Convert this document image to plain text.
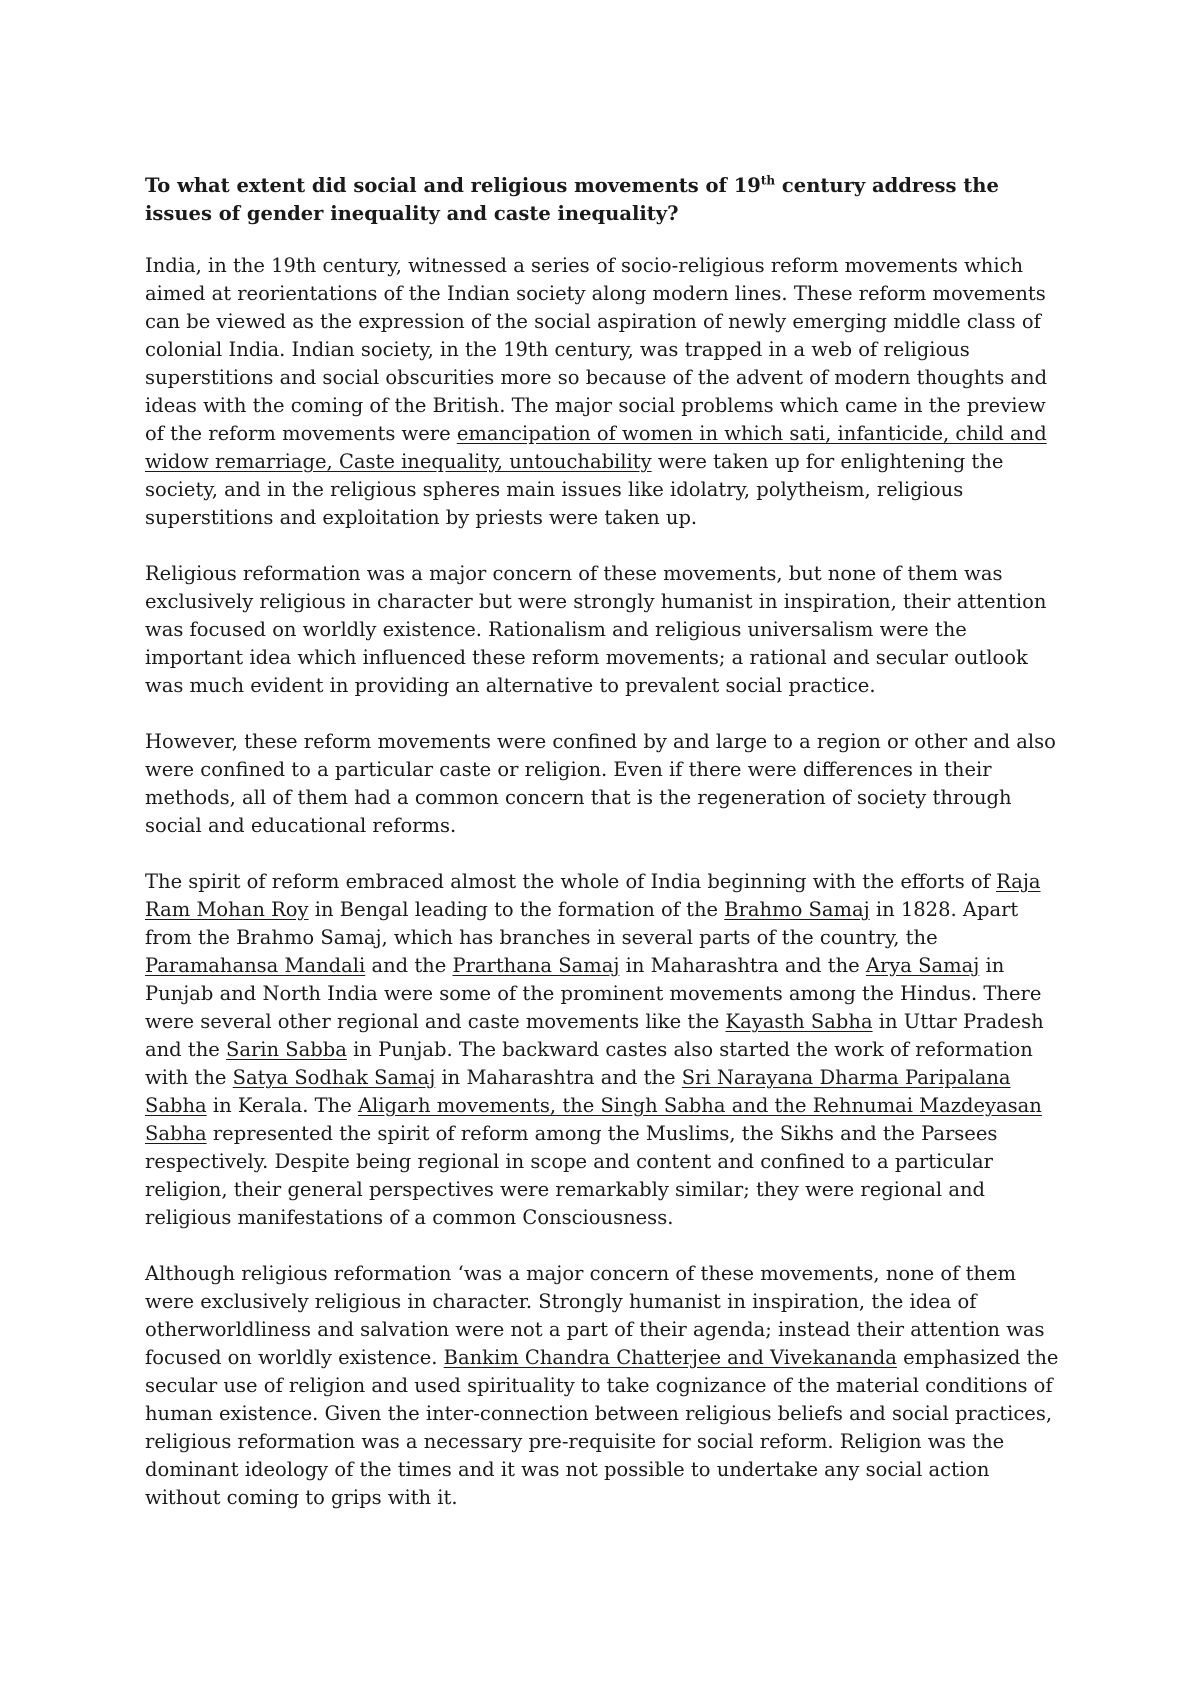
To what extent did social and religious movements of 19th century address the issues of gender inequality and caste inequality?

India, in the 19th century, witnessed a series of socio-religious reform movements which aimed at reorientations of the Indian society along modern lines. These reform movements can be viewed as the expression of the social aspiration of newly emerging middle class of colonial India. Indian society, in the 19th century, was trapped in a web of religious superstitions and social obscurities more so because of the advent of modern thoughts and ideas with the coming of the British. The major social problems which came in the preview of the reform movements were emancipation of women in which sati, infanticide, child and widow remarriage, Caste inequality, untouchability were taken up for enlightening the society, and in the religious spheres main issues like idolatry, polytheism, religious superstitions and exploitation by priests were taken up.

Religious reformation was a major concern of these movements, but none of them was exclusively religious in character but were strongly humanist in inspiration, their attention was focused on worldly existence. Rationalism and religious universalism were the important idea which influenced these reform movements; a rational and secular outlook was much evident in providing an alternative to prevalent social practice.

However, these reform movements were confined by and large to a region or other and also were confined to a particular caste or religion. Even if there were differences in their methods, all of them had a common concern that is the regeneration of society through social and educational reforms.

The spirit of reform embraced almost the whole of India beginning with the efforts of Raja Ram Mohan Roy in Bengal leading to the formation of the Brahmo Samaj in 1828. Apart from the Brahmo Samaj, which has branches in several parts of the country, the Paramahansa Mandali and the Prarthana Samaj in Maharashtra and the Arya Samaj in Punjab and North India were some of the prominent movements among the Hindus. There were several other regional and caste movements like the Kayasth Sabha in Uttar Pradesh and the Sarin Sabba in Punjab. The backward castes also started the work of reformation with the Satya Sodhak Samaj in Maharashtra and the Sri Narayana Dharma Paripalana Sabha in Kerala. The Aligarh movements, the Singh Sabha and the Rehnumai Mazdeyasan Sabha represented the spirit of reform among the Muslims, the Sikhs and the Parsees respectively. Despite being regional in scope and content and confined to a particular religion, their general perspectives were remarkably similar; they were regional and religious manifestations of a common Consciousness.

Although religious reformation ‘was a major concern of these movements, none of them were exclusively religious in character. Strongly humanist in inspiration, the idea of otherworldliness and salvation were not a part of their agenda; instead their attention was focused on worldly existence. Bankim Chandra Chatterjee and Vivekananda emphasized the secular use of religion and used spirituality to take cognizance of the material conditions of human existence. Given the inter-connection between religious beliefs and social practices, religious reformation was a necessary pre-requisite for social reform. Religion was the dominant ideology of the times and it was not possible to undertake any social action without coming to grips with it.
